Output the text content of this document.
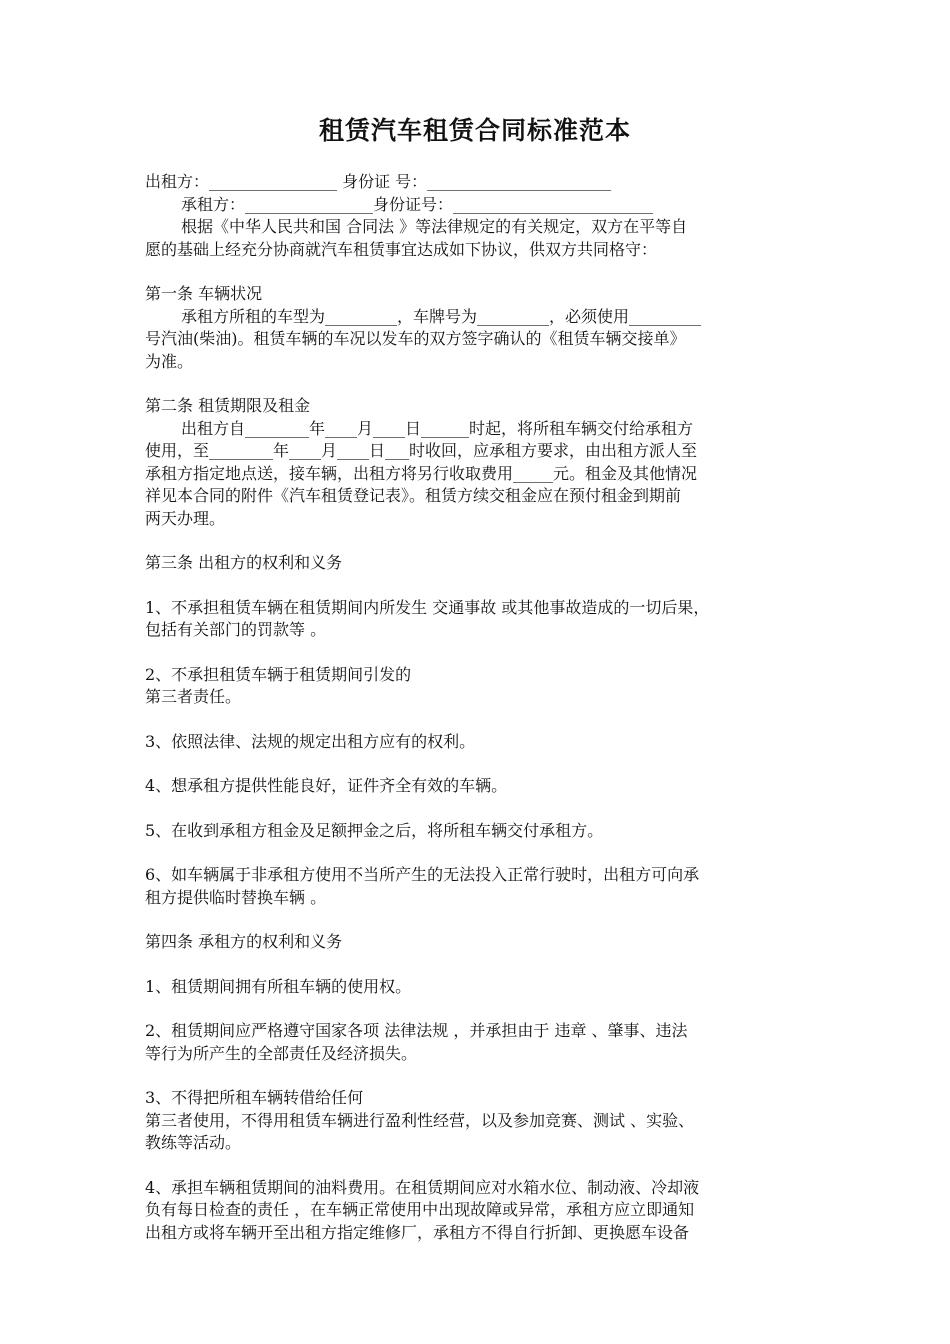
租赁汽车租赁合同标准范本

出租方：________________ 身份证 号：_______________________

承租方：________________身份证号：_________________________

根据《中华人民共和国 合同法 》等法律规定的有关规定，双方在平等自

愿的基础上经充分协商就汽车租赁事宜达成如下协议，供双方共同格守：

第一条 车辆状况

承租方所租的车型为_________，车牌号为_________，必须使用_________

号汽油(柴油)。租赁车辆的车况以发车的双方签字确认的《租赁车辆交接单》

为准。

第二条 租赁期限及租金

出租方自________年____月____日______时起，将所租车辆交付给承租方

使用，至________年____月____日___时收回，应承租方要求，由出租方派人至

承租方指定地点送，接车辆，出租方将另行收取费用_____元。租金及其他情况

祥见本合同的附件《汽车租赁登记表》。租赁方续交租金应在预付租金到期前

两天办理。

第三条 出租方的权利和义务

1、不承担租赁车辆在租赁期间内所发生 交通事故 或其他事故造成的一切后果，

包括有关部门的罚款等 。

2、不承担租赁车辆于租赁期间引发的

第三者责任。

3、依照法律、法规的规定出租方应有的权利。

4、想承租方提供性能良好，证件齐全有效的车辆。

5、在收到承租方租金及足额押金之后，将所租车辆交付承租方。

6、如车辆属于非承租方使用不当所产生的无法投入正常行驶时，出租方可向承

租方提供临时替换车辆 。

第四条 承租方的权利和义务

1、租赁期间拥有所租车辆的使用权。

2、租赁期间应严格遵守国家各项 法律法规 ，并承担由于 违章 、肇事、违法

等行为所产生的全部责任及经济损失。

3、不得把所租车辆转借给任何

第三者使用，不得用租赁车辆进行盈利性经营，以及参加竞赛、测试 、实验、

教练等活动。

4、承担车辆租赁期间的油料费用。在租赁期间应对水箱水位、制动液、冷却液

负有每日检查的责任 ，在车辆正常使用中出现故障或异常，承租方应立即通知

出租方或将车辆开至出租方指定维修厂，承租方不得自行折卸、更换愿车设备
